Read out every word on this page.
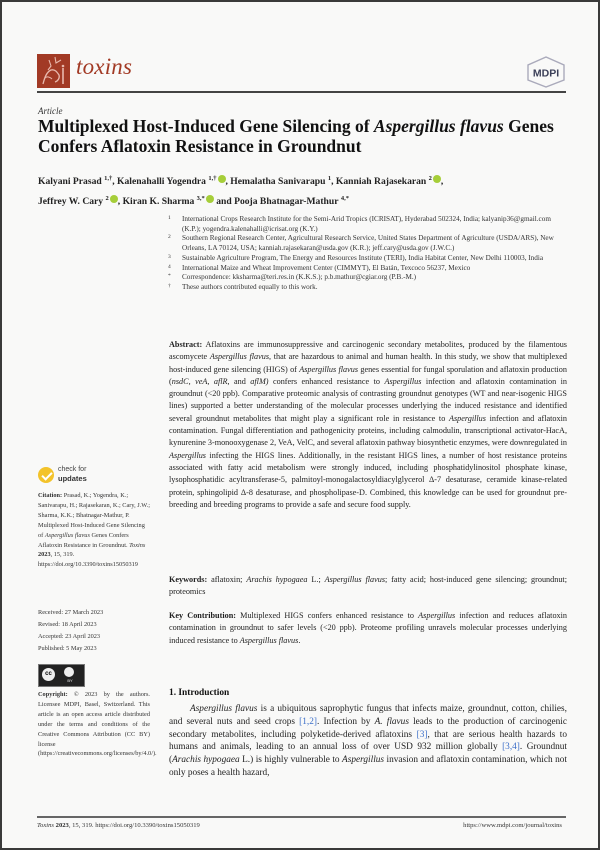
toxins	MDPI
Article
Multiplexed Host-Induced Gene Silencing of Aspergillus flavus Genes Confers Aflatoxin Resistance in Groundnut
Kalyani Prasad $^{1,\dagger}$, Kalenahalli Yogendra $^{1,\dagger}$ , Hemalatha Sanivarapu $^1$, Kanniah Rajasekaran $^2$ ,
Jeffrey W. Cary $^2$ , Kiran K. Sharma $^{3,*}$ and Pooja Bhatnagar-Mathur $^{4,*}$
1 International Crops Research Institute for the Semi-Arid Tropics (ICRISAT), Hyderabad 502324, India; kalyanip36@gmail.com (K.P.); yogendra.kalenahalli@icrisat.org (K.Y.)
2 Southern Regional Research Center, Agricultural Research Service, United States Department of Agriculture (USDA/ARS), New Orleans, LA 70124, USA; kanniah.rajasekaran@usda.gov (K.R.); jeff.cary@usda.gov (J.W.C.)
3 Sustainable Agriculture Program, The Energy and Resources Institute (TERI), India Habitat Center, New Delhi 110003, India
4 International Maize and Wheat Improvement Center (CIMMYT), El Batán, Texcoco 56237, Mexico
* Correspondence: kksharma@teri.res.in (K.K.S.); p.b.mathur@cgiar.org (P.B.-M.)
† These authors contributed equally to this work.
Abstract: Aflatoxins are immunosuppressive and carcinogenic secondary metabolites, produced by the filamentous ascomycete Aspergillus flavus, that are hazardous to animal and human health. In this study, we show that multiplexed host-induced gene silencing (HIGS) of Aspergillus flavus genes essential for fungal sporulation and aflatoxin production (nsdC, veA, aflR, and aflM) confers enhanced resistance to Aspergillus infection and aflatoxin contamination in groundnut (<20 ppb). Comparative proteomic analysis of contrasting groundnut genotypes (WT and near-isogenic HIGS lines) supported a better understanding of the molecular processes underlying the induced resistance and identified several groundnut metabolites that might play a significant role in resistance to Aspergillus infection and aflatoxin contamination. Fungal differentiation and pathogenicity proteins, including calmodulin, transcriptional activator-HacA, kynurenine 3-monooxygenase 2, VeA, VelC, and several aflatoxin pathway biosynthetic enzymes, were downregulated in Aspergillus infecting the HIGS lines. Additionally, in the resistant HIGS lines, a number of host resistance proteins associated with fatty acid metabolism were strongly induced, including phosphatidylinositol phosphate kinase, lysophosphatidic acyltransferase-5, palmitoyl-monogalactosyldiacylglycerol Δ-7 desaturase, ceramide kinase-related protein, sphingolipid Δ-8 desaturase, and phospholipase-D. Combined, this knowledge can be used for groundnut pre-breeding and breeding programs to provide a safe and secure food supply.
Keywords: aflatoxin; Arachis hypogaea L.; Aspergillus flavus; fatty acid; host-induced gene silencing; groundnut; proteomics
Key Contribution: Multiplexed HIGS confers enhanced resistance to Aspergillus infection and reduces aflatoxin contamination in groundnut to safer levels (<20 ppb). Proteome profiling unravels molecular processes underlying induced resistance to Aspergillus flavus.
1. Introduction
Aspergillus flavus is a ubiquitous saprophytic fungus that infects maize, groundnut, cotton, chilies, and several nuts and seed crops [1,2]. Infection by A. flavus leads to the production of carcinogenic secondary metabolites, including polyketide-derived aflatoxins [3], that are serious health hazards to humans and animals, leading to an annual loss of over USD 932 million globally [3,4]. Groundnut (Arachis hypogaea L.) is highly vulnerable to Aspergillus invasion and aflatoxin contamination, which not only poses a health hazard,
check for
updates
Citation: Prasad, K.; Yogendra, K.; Sanivarapu, H.; Rajasekaran, K.; Cary, J.W.; Sharma, K.K.; Bhatnagar-Mathur, P. Multiplexed Host-Induced Gene Silencing of Aspergillus flavus Genes Confers Aflatoxin Resistance in Groundnut. Toxins 2023, 15, 319. https://doi.org/10.3390/toxins15050319
Received: 27 March 2023
Revised: 18 April 2023
Accepted: 23 April 2023
Published: 5 May 2023
cc
BY
Copyright: © 2023 by the authors. Licensee MDPI, Basel, Switzerland. This article is an open access article distributed under the terms and conditions of the Creative Commons Attribution (CC BY) license (https://creativecommons.org/licenses/by/4.0/).
Toxins 2023, 15, 319. https://doi.org/10.3390/toxins15050319	https://www.mdpi.com/journal/toxins
